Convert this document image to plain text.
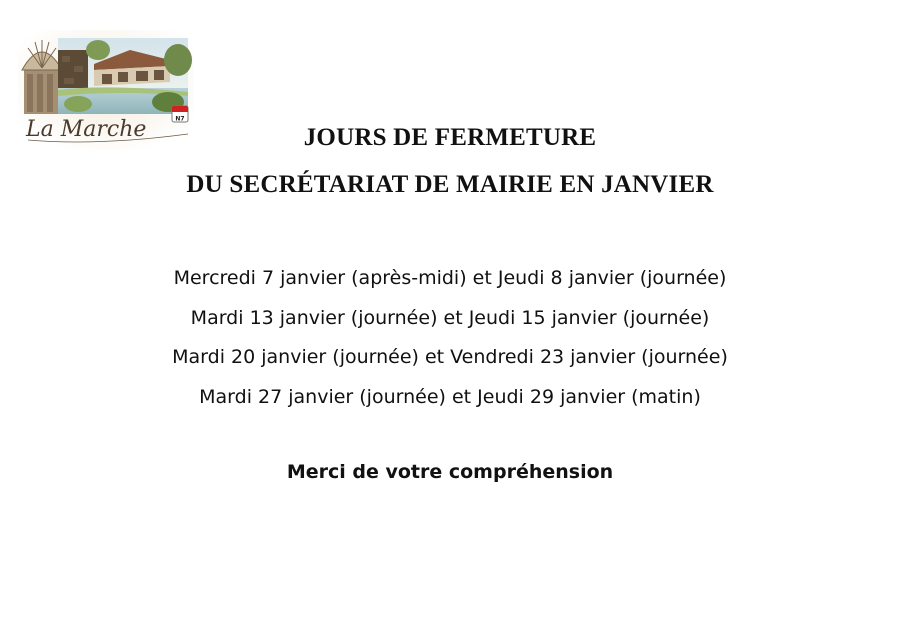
N7
La Marche	JOURS DE FERMETURE
DU SECRÉTARIAT DE MAIRIE EN JANVIER
Mercredi 7 janvier (après-midi) et Jeudi 8 janvier (journée)
Mardi 13 janvier (journée) et Jeudi 15 janvier (journée)
Mardi 20 janvier (journée) et Vendredi 23 janvier (journée)
Mardi 27 janvier (journée) et Jeudi 29 janvier (matin)

Merci de votre compréhension
